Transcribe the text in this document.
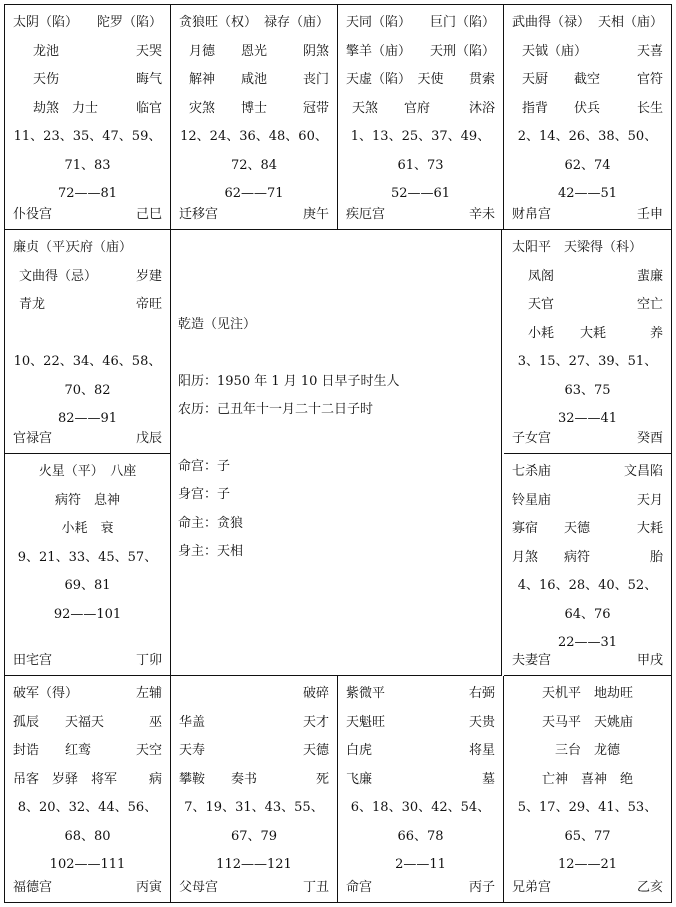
太阴（陷） 陀罗（陷）
龙池	天哭
天伤	晦气
劫煞　力士	临官
11、23、35、47、59、
71、83
72——81
仆役宫	己巳
贪狼旺（权） 禄存（庙）
月德　　恩光	阴煞
解神　　咸池	丧门
灾煞　　博士	冠带
12、24、36、48、60、
72、84
62——71
迁移宫	庚午
天同（陷） 巨门（陷）
擎羊（庙） 天刑（陷）
天虚（陷）　天使 贯索
天煞　　官府	沐浴
1、13、25、37、49、
61、73
52——61
疾厄宫	辛未
武曲得（禄） 天相（庙）
天钺（庙）	天喜
天厨　　截空	官符
指背　　伏兵	长生
2、14、26、38、50、
62、74
42——51
财帛宫	壬申
廉贞（平）
天府（庙）
文曲得（忌）	岁建
青龙	帝旺
10、22、34、46、58、
70、82
82——91
官禄宫	戊辰
太阳平　天梁得（科）
凤阁	蜚廉
天官	空亡
小耗　　大耗	养
3、15、27、39、51、
63、75
32——41
子女宫	癸酉
火星（平）　八座
病符　息神
小耗　衰
9、21、33、45、57、
69、81
92——101
田宅宫	丁卯
七杀庙	文昌陷
铃星庙	天月
寡宿　　天德	大耗
月煞　　病符	胎
4、16、28、40、52、
64、76
22——31
夫妻宫	甲戌
乾造（见注）
阳历：1950 年 1 月 10 日早子时生人
农历：己丑年十一月二十二日子时
命宫：子
身宫：子
命主：贪狼
身主：天相
破军（得）	左辅
孤辰　　天福天	巫
封诰　　红鸾	天空
吊客　岁驿　将军 病
8、20、32、44、56、
68、80
102——111
福德宫	丙寅
破碎
华盖	天才
天寿	天德
攀鞍　　奏书	死
7、19、31、43、55、
67、79
112——121
父母宫	丁丑
紫微平	右弼
天魁旺	天贵
白虎	将星
飞廉	墓
6、18、30、42、54、
66、78
2——11
命宫	丙子
天机平　地劫旺
天马平　天姚庙
三台　龙德
亡神　喜神　绝
5、17、29、41、53、
65、77
12——21
兄弟宫	乙亥
